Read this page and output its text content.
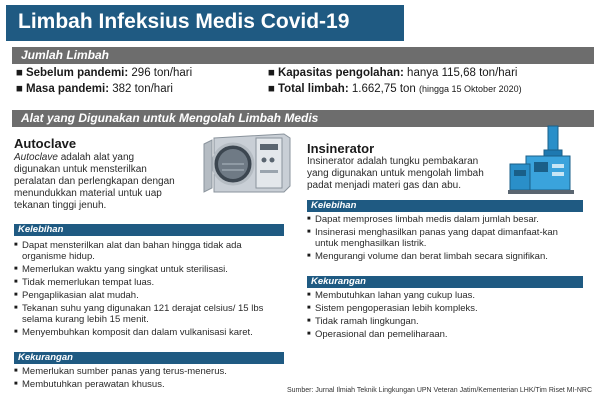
Limbah Infeksius Medis Covid-19
Jumlah Limbah
■ Sebelum pandemi: 296 ton/hari
■ Masa pandemi: 382 ton/hari
■ Kapasitas pengolahan: hanya 115,68 ton/hari
■ Total limbah: 1.662,75 ton (hingga 15 Oktober 2020)
Alat yang Digunakan untuk Mengolah Limbah Medis
Autoclave
Autoclave adalah alat yang
digunakan untuk mensterilkan
peralatan dan perlengkapan dengan
menundukkan material untuk uap
tekanan tinggi jenuh.
Kelebihan
■ Dapat mensterilkan alat dan bahan hingga tidak ada organisme hidup.
■ Memerlukan waktu yang singkat untuk sterilisasi.
■ Tidak memerlukan tempat luas.
■ Pengaplikasian alat mudah.
■ Tekanan suhu yang digunakan 121 derajat celsius/ 15 lbs selama kurang lebih 15 menit.
■ Menyembuhkan komposit dan dalam vulkanisasi karet.
Kekurangan
■ Memerlukan sumber panas yang terus-menerus.
■ Membutuhkan perawatan khusus.
Insinerator
Insinerator adalah tungku pembakaran yang digunakan untuk mengolah limbah padat menjadi materi gas dan abu.
Kelebihan
■ Dapat memproses limbah medis dalam jumlah besar.
■ Insinerasi menghasilkan panas yang dapat dimanfaat-kan untuk menghasilkan listrik.
■ Mengurangi volume dan berat limbah secara signifikan.
Kekurangan
■ Membutuhkan lahan yang cukup luas.
■ Sistem pengoperasian lebih kompleks.
■ Tidak ramah lingkungan.
■ Operasional dan pemeliharaan.
Sumber: Jurnal Ilmiah Teknik Lingkungan UPN Veteran Jatim/Kementerian LHK/Tim Riset MI-NRC
